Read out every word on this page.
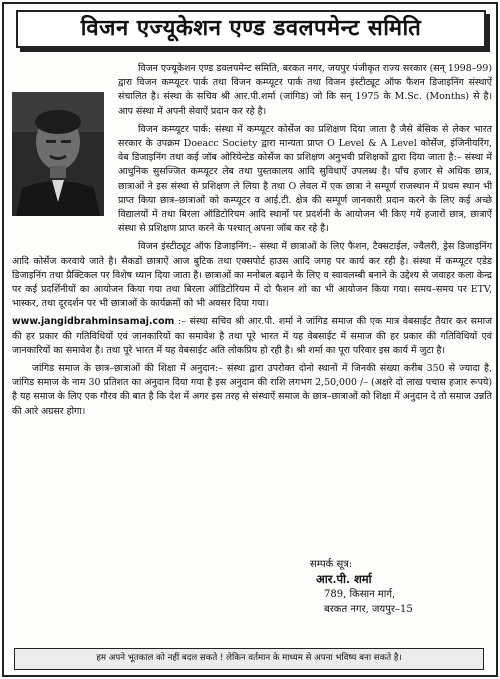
विजन एज्यूकेशन एण्ड डवलपमेन्ट समिति

विजन एज्यूकेशन एण्ड डवलपमेन्ट समिति, बरकत नगर, जयपुर पंजीकृत राज्य सरकार (सन् 1998–99) द्वारा विजन कम्प्यूटर पार्क तथा विजन कम्प्यूटर पार्क तथा विजन इंस्टीट्यूट ऑफ फैशन डिजाइनिंग संस्थाऐं संचालित है। संस्था के सचिव श्री आर.पी.शर्मा (जांगिड) जो कि सन् 1975 के M.Sc. (Months) से है। आप संस्था में अपनी सेवाऐं प्रदान कर रहे है।

विजन कम्प्यूटर पार्क: संस्था में कम्प्यूटर कोर्सेज का प्रशिक्षण दिया जाता है जैसे बेसिक से लेकर भारत सरकार के उपक्रम Doeacc Society द्वारा मान्यता प्राप्त O Level & A Level कोर्सेज, इंजिनीयरिंग, वेब डिजाइनिंग तथा कई जॉब ओरियेन्टेड कोर्सेज का प्रशिक्षण अनुभवी प्रशिक्षकों द्वारा दिया जाता है:– संस्था में आधुनिक सुसज्जित कम्प्यूटर लेब तथा पुस्तकालय आदि सुविधाऐं उपलब्ध है। पाँच हजार से अधिक छात्र, छात्राओं ने इस संस्था से प्रशिक्षण ले लिया है तथा O लेवल में एक छात्रा ने सम्पूर्ण राजस्थान में प्रथम स्थान भी प्राप्त किया छात्र–छात्राओं को कम्प्यूटर व आई.टी. क्षेत्र की सम्पूर्ण जानकारी प्रदान करने के लिए कई अच्छे विद्यालयों में तथा बिरला ऑडिटोरियम आदि स्थानों पर प्रदर्शनी के आयोजन भी किए गयें हजारों छात्र, छात्राऐं संस्था से प्रशिक्षण प्राप्त करने के पश्चात् अपना जॉब कर रहे है।

विजन इंस्टीट्यूट ऑफ डिजाइनिंग:– संस्था में छात्राओं के लिए फैशन, टैक्सटाईल, ज्वैलरी, ड्रेस डिजाइनिंग आदि कोर्सेज करवाये जाते है। सैकडों छात्राऐं आज बुटिक तथा एक्सपोर्ट हाउस आदि जगह पर कार्य कर रही है। संस्था में कम्प्यूटर एडेड डिजाइनिंग तथा प्रैक्टिकल पर विशेष ध्यान दिया जाता है। छात्राओं का मनोबल बढ़ाने के लिए व स्वावलम्बी बनाने के उद्देश्य से जवाहर कला केन्द्र पर कई प्रदर्शिनीयों का आयोजन किया गया तथा बिरला ऑडिटोरियम में दो फैशन शो का भी आयोजन किया गया। समय–समय पर ETV, भास्कर, तथा दूरदर्शन पर भी छात्राओं के कार्यक्रमों को भी अवसर दिया गया।

www.jangidbrahminsamaj.com :– संस्था सचिव श्री आर.पी. शर्मा ने जांगिड समाज की एक मात्र वेबसाईट तैयार कर समाज की हर प्रकार की गतिविधियों एवं जानकारियों का समावेश है तथा पूरे भारत में यह वेबसाईट में समाज की हर प्रकार की गतिविधियों एवं जानकारियों का समावेश है। तथा पूरे भारत में यह वेबसाईट अति लोकप्रिय हो रही है। श्री शर्मा का पूरा परिवार इस कार्य में जुटा है।

जांगिड समाज के छात्र–छात्राओं की शिक्षा में अनुदान:– संस्था द्वारा उपरोक्त दोनो स्थानों में जिनकी संख्या करीब 350 से ज्यादा है, जांगिड समाज के नाम 30 प्रतिशत का अनुदान दिया गया है इस अनुदान की राशि लगभग 2,50,000 /– (अक्षरे दो लाख पचास हजार रूपये) है यह समाज के लिए एक गौरव की बात है कि देश में अगर इस तरह से संस्थाऐं समाज के छात्र–छात्राओं को शिक्षा में अनुदान दे तो समाज उन्नति की आरे अग्रसर होगा।

सम्पर्क सूत्र:
आर.पी. शर्मा
789, किसान मार्ग,
बरकत नगर, जयपुर–15
हम अपने भूतकाल को नहीं बदल सकते ! लेकिन वर्तमान के माध्यम से अपना भविष्य बना सकते है।
